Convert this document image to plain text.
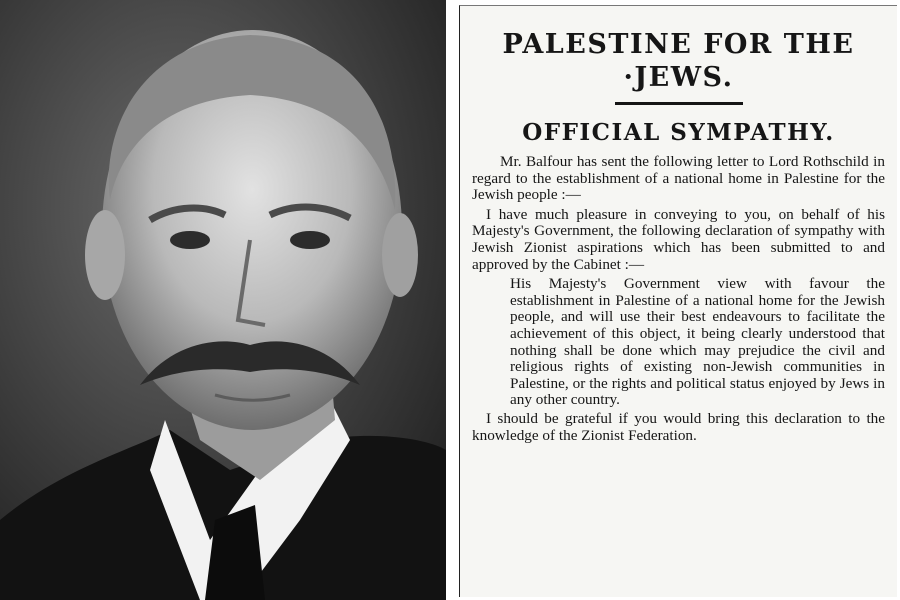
PALESTINE FOR THE
·JEWS.
OFFICIAL SYMPATHY.

Mr. Balfour has sent the following letter to Lord Rothschild in regard to the establishment of a national home in Palestine for the Jewish people :—

I have much pleasure in conveying to you, on behalf of his Majesty's Government, the following declaration of sympathy with Jewish Zionist aspirations which has been submitted to and approved by the Cabinet :—

His Majesty's Government view with favour the establishment in Palestine of a national home for the Jewish people, and will use their best endeavours to facilitate the achievement of this object, it being clearly understood that nothing shall be done which may prejudice the civil and religious rights of existing non-Jewish communities in Palestine, or the rights and political status enjoyed by Jews in any other country.

I should be grateful if you would bring this declaration to the knowledge of the Zionist Federation.
